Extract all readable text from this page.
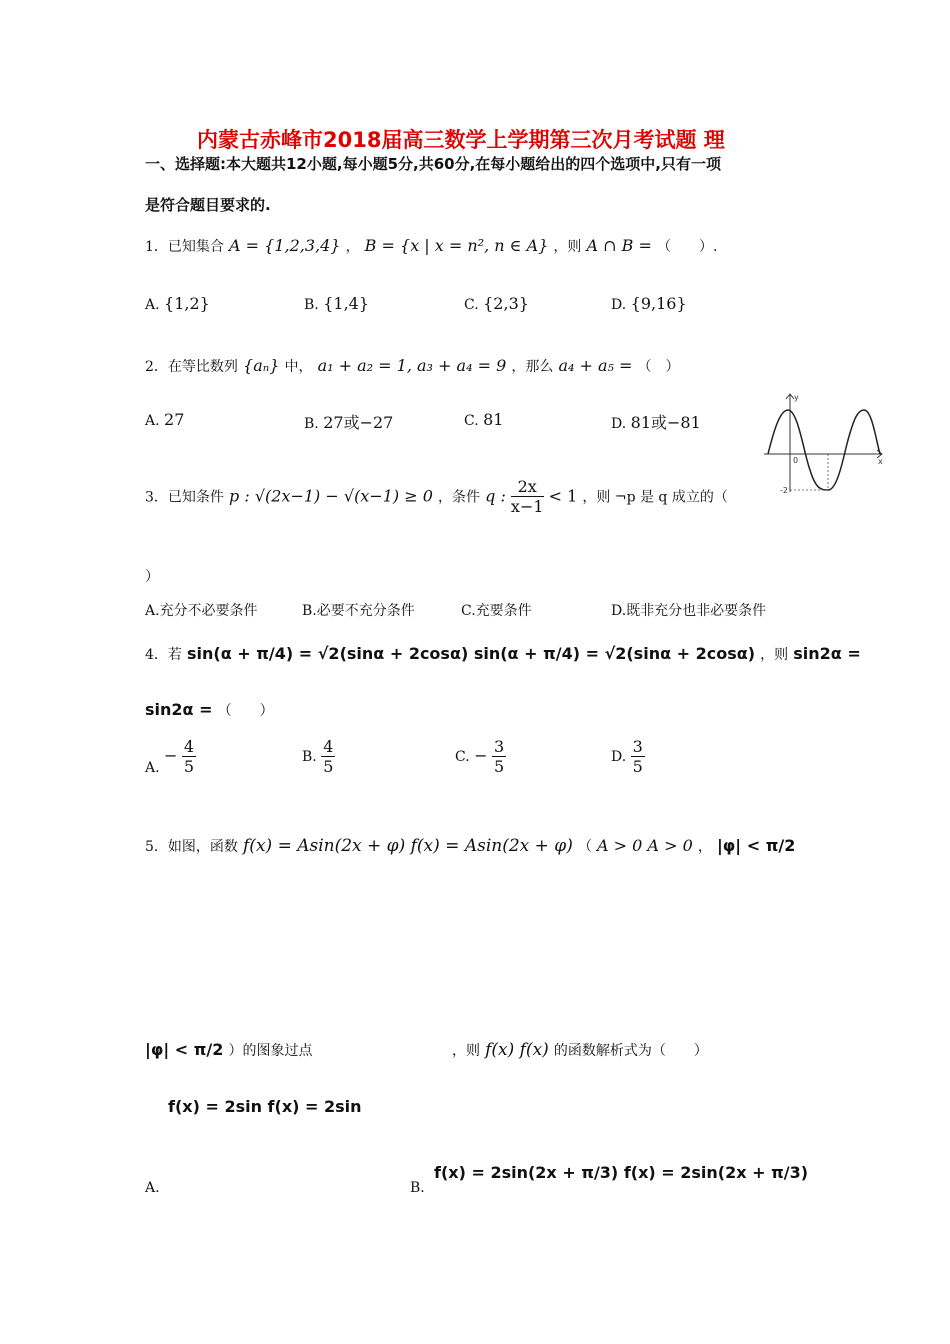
内蒙古赤峰市2018届高三数学上学期第三次月考试题 理
一、选择题:本大题共12小题,每小题5分,共60分,在每小题给出的四个选项中,只有一项
是符合题目要求的.
1．已知集合 A = {1,2,3,4} ， B = {x | x = n², n ∈ A} ，则 A ∩ B = （　　）.
A. {1,2}	B. {1,4}	C. {2,3}	D. {9,16}
2．在等比数列 {aₙ} 中， a₁ + a₂ = 1, a₃ + a₄ = 9 ，那么 a₄ + a₅ = （　）
A. 27	B. 27或−27	C. 81	D. 81或−81
0
-2
x
y
3．已知条件 p : √(2x−1) − √(x−1) ≥ 0 ，条件 q : $\frac{2x}{x-1} < 1$ ，则 ¬p 是 q 成立的（
）
A.充分不必要条件	B.必要不充分条件	C.充要条件	D.既非充分也非必要条件
4．若 sin(α + π/4) = √2(sinα + 2cosα) sin(α + π/4) = √2(sinα + 2cosα) ，则 sin2α =
sin2α = （　　）
A. − $\frac{4}{5}$	B. $\frac{4}{5}$	C. − $\frac{3}{5}$	D. $\frac{3}{5}$
5．如图，函数 f(x) = Asin(2x + φ) f(x) = Asin(2x + φ) （ A > 0 A > 0 ， |φ| < π/2
|φ| < π/2 ）的图象过点	，则 f(x) f(x) 的函数解析式为（　　）
f(x) = 2sin f(x) = 2sin
A.	B.
f(x) = 2sin(2x + π/3) f(x) = 2sin(2x + π/3)
